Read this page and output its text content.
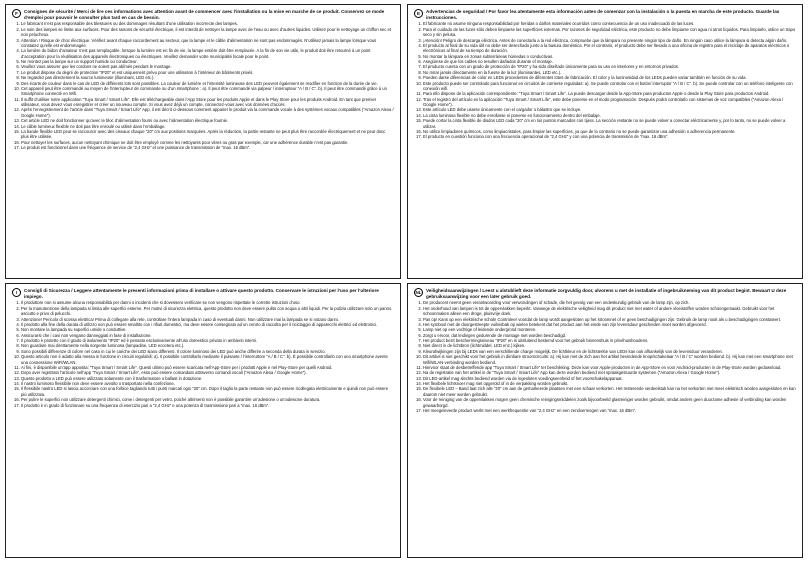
F	Consignes de sécurité / Merci de lire ces informations avec attention avant de commencer avec l’installation ou la mise en marche de ce produit. Conservez ce mode d’emploi pour pouvoir le consulter plus tard en cas de besoin.
1. Le fabricant n’est pas responsable des blessures ou des dommages résultant d’une utilisation incorrecte des lampes.
2. Le soin des lampes se limite aux surfaces. Pour des raisons de sécurité électrique, il est interdit de nettoyer la lampe avec de l’eau ou avec d’autres liquides. Utilisez pour le nettoyage un chiffon sec et non pelucheux.
3. Attention ! Risque de choc électrique. Vérifiez avant chaque raccordement au secteur, que la lampe et le câble d’alimentation ne sont pas endommagés. N’utilisez jamais la lampe lorsque vous constatez qu’elle est endommagée.
4. La lumière du bidon d’amateur n’est pas remplaçable, lorsque la lumière est en fin de vie, la lampe entière doit être remplacée. A la fin de son vie utile, le produit doit être retourné à un point d’acceptation pour la réutilisation des appareils électroniques ou électriques. Veuillez demander votre municipalité locale pour le point.
5. Ne montez pas la lampe sur un support humide ou conducteur.
6. Veuillez vous assurer que les cordons ne soient pas abîmés pendant le montage.
7. Le produit dispose du degré de protection “IP20” et est uniquement prévu pour une utilisation à l’intérieur de bâtiments privés.
8. Ne regardez pas directement la source lumineuse (illuminant, LED etc.).
9. Des écarts de couleur dans le cas de LED de différents lots sont possibles. La couleur de lumière et l’intensité lumineuse des LED peuvent également se modifier en fonction de la durée de vie.
10. Cet appareil peut être commandé au moyen de l’interrupteur de commande ou d’un smartphone : a). Il peut être commandé via palpeur / interrupteur “A / B / C”. b). Il peut être commandé grâce à un Smartphone connecté en Wifi.
11. Il suffit d’utiliser notre application “Tuya Smart / Smart Life”. Elle est téléchargeable dans l’App Store pour les produits Apple et dans le Play Store pour les produits Android. En tant que premier utilisateur, vous devez vous enregistrer et créer un nouveau compte. Si vous avez déjà un compte, connectez-vous avec vos données d’accès.
12. Après l’enregistrement de l’article dans “Tuya Smart / Smart Life” App, il est décrit ci-dessous comment appairer le produit via la commande vocale à des systèmes vocaux compatibles (“Amazon Alexa / Google Home”).
13. Cet article LED ne doit fonctionner qu’avec le bloc d’alimentation fourni ou avec l’alimentation électrique fournie.
14. Le câble lumineux flexible ne doit pas être enroulé ou utilisé dans l’emballage.
15. La bande flexible LED peut se raccourcir avec des ciseaux chaque “20” cm aux positions marquées. Après la réduction, la partie restante ne peut plus être raccordée électriquement et ne peut donc plus être utilisée.
16. Pour nettoyer les surfaces, aucun nettoyant chimique ne doit être employé comme les nettoyants pour vitres ou gras par exemple, car une adhérence durable n’est pas garantie.
17. Le produit est fonctionnel dans une fréquence de service de “2,4 GHz” et une puissance de transmission de “max. 16 dBm”.
E	Advertencias de seguridad / Por favor lea atentamente esta información antes de comenzar con la instalación o la puesta en marcha de este producto. Guarde las instrucciones.
1. El fabricante no asume ninguna responsabilidad por heridas o daños materiales ocurridos como consecuencia de un uso inadecuado de las luces.
2. Para el cuidado de las luces sólo deben limpiarse las superficies externas. Por razones de seguridad eléctrica, este producto no debe limpiarse con agua ni otros líquidos. Para limpiarlo, utilice un trapo seco y sin pelusa.
3. ¡Atención! Peligro de descarga eléctrica. Antes de conectarla a la red eléctrica, compruebe que la lámpara no presente ningún tipo de daño. En ningún caso utilice la lámpara si detecta algún daño.
4. El producto al final de su vida útil no debe ser desechado junto a la basura doméstica. Por el contrario, el producto debe ser llevado a una oficina de registro para el reciclaje de aparatos eléctricos o electrónicos al final de su tiempo de duración.
5. No montar la lámpara en zonas subterráneas húmedas o conductivas.
6. Asegúrese de que los cables no resulten dañados durante el montaje.
7. El producto cuenta con un grado de protección de “IP20” y ha sido diseñado únicamente para su uso en interiores y en entornos privados.
8. No mirar jamás directamente en la fuente de la luz (iluminantes, LED etc.).
9. Pueden darse diferencias de color en LEDs procedentes de diferentes lotes de fabricación. El color y la luminosidad de los LEDs pueden variar también en función de su vida.
10. Este producto puede ser controlado para funcionar en circuitos de corriente reguladas: a). Se puede controlar con el botón/ interruptor “A / B / C”. b). Se puede controlar con un teléfono inteligente con conexión wifi.
11. Para ello dispone de la aplicación correspondiente: “Tuya Smart / Smart Life”. La puede descargar desde la App-Store para productos Apple o desde la Play Store para productos Android.
12. Tras el registro del artículo en la aplicación “Tuya Smart / Smart Life”, este debe ponerse en el modo programación. Después podrá controlarlo con sistemas de voz compatibles (“Amazon Alexa / Google Home”).
13. Este artículo LED debe usarse únicamente con el cargador o bálastro que se incluye.
14. La cinta luminosa flexible no debe enrollarse ni ponerse en funcionamiento dentro del embalaje.
15. Puede cortar la cinta flexible de diodos LED cada “20” cm en los puntos marcados con tijera. La sección restante no se puede volver a conectar eléctricamente y, por lo tanto, no se puede volver a utilizar.
16. No utilice limpiadores químicos, como limpiacristales, para limpiar las superficies, ya que de lo contrario no se puede garantizar una adhesión o adherencia permanente.
17. El producto en cuestión funciona con una frecuencia operacional de “2,4 GHz” y con una potencia de transmisión de “max. 16 dBm”.
I	Consigli di Sicurezza / Leggere attentamente le presenti informazioni prima di installare o attivare questo prodotto. Conservare le istruzioni per l’uso per l’ulteriore impiego.
1. Il produttore non si assume alcuna responsabilità per danni o incidenti che si dovessero verificare se non vengono rispettate le corrette istruzioni d’uso.
2. Per la manutenzione della lampada si limita alle superfici esterne. Per motivi di sicurezza elettrica, questo prodotto non deve essere pulito con acqua o altri liquidi. Per la pulizia utilizzare solo un panno asciutto e privo di pelucchi.
3. Attenzione! Pericolo di scossa elettrica! Prima di collegare alla rete, controllare l’intera lampada in caso di eventuali danni. Non utilizzare mai la lampada se si notano danni.
4. Il prodotto alla fine della durata di utilizzo non può essere smaltito con i rifiuti domestici, ma deve essere consegnato ad un centro di raccolta per il riciclaggio di apparecchi elettrici ed elettronici.
5. Non montare la lampada su superfici umide o conduttive.
6. Assicurarsi che i cavi non vengano danneggiati in fase di installazione.
7. Il prodotto è protetto con il grado di isolamento “IP20” ed è pensato esclusivamente all’uso domestico privato in ambienti interni.
8. Non guardare mai direttamente nella sorgente luminosa (lampadine, LED eccetera etc.).
9. Sono possibili differenze di colore nel caso in cui le cariche dei LED siano differenti. Il colore luminoso dei LED può anche differire a seconda della durata in servizio.
10. Questo articolo non è adatto alla messa in funzione in circuiti regolabili: a). Il possibile controllarlo mediante il pulsante / l’interruttore “A / B / C”. b). È possibile controllarlo con uno smartphone avente una connessione WiFi/WLAN.
11. Ai fini, è disponibile un’app apposita: “Tuya Smart / Smart Life”. Questi ultimo può essere scaricata nell’App-Store per i prodotti Apple e nel Play-Store per quelli Android.
12. Dopo aver registrato l’articolo nell’app “Tuya Smart / Smart Life”, esso può essere comandato attraverso comandi vocali (“Amazon Alexa / Google Home”).
13. Questo prodotto a LED può essere utilizzato solamente con il trasformatore o ballast in dotazione.
14. Il nastro luminoso flessibile non deve essere avvolto o trasportato nella confezione.
15. Il flessibile nastro LED si lascia accorciare con una forbice tagliando tutti i punti marcati ogni “20” cm. Dopo il taglio la parte restante non può essere ricollegata elettricamente e quindi non può essere più utilizzata.
16. Per pulire le superfici non utilizzare detergenti chimici, come i detergenti per vetro, poiché altrimenti non è possibile garantire un’adesione o un’adesione duratura.
17. Il prodotto è in grado di funzionare su una frequenza di esercizio pari a “2,4 GHz” e una potenza di trasmissione pari a “max. 16 dBm”.
NL Veiligheidsaanwijzingen / Leest u alstublieft deze informatie zorgvuldig door, alvorens u met de installatie of ingebruikneming van dit product begint. Bewaart U deze gebruiksaanwijzing voor een later gebruik goed.
1. De producent neemt geen verantwoording voor verwondingen of schade, die het gevolg van een ondeskundig gebruik van de lamp zijn, op zich.
2. Het onderhoud van lampen is tot de oppervlakken beperkt. Vanwege de elektrische veiligheid mag dit product niet met water of andere vloeistoffen worden schoongemaakt. Gebruikt voor het schoonmaken alleen een droge, pluisvrije doek.
3. Pas op! Kans op een elektrische schok! Controleer voordat de lamp wordt aangesloten op het stroomnet of er geen beschadigingen zijn. Gebruik de lamp nooit als u beschadigingen constateert.
4. Het symbool met de doorgestreepte vuilnisbak op wielen betekent dat het product aan het einde van zijn levensduur gescheiden moet worden afgevoerd.
5. Lamp niet op een vochtige of leidende ondergrond monteren.
6. Zorgt u ervoor, dat leidingen gedurende de montage niet worden beschadigd.
7. Het product bezit beschermingsniveau “IP20” en is uitsluitend bestemd voor het gebruik binnenshuis in privéhuishoudens.
8. Niet direct in de lichtbron (lichtmiddel, LED enz.) kijken.
9. Kleurafwijkingen zijn bij LEDs van een verschillende charge mogelijk. De lichtkleur en de lichtsterkte van LEDs kan ook afhankelijk van de levensduur veranderen.
10. Dit artikel is niet geschikt voor het gebruik in dimbare stroomcircuits: a). Hij kan met de zich aan het artikel bevindende knop/schakelaar “A / B / C” worden bediend. b). Hij kan met een smartphone met Wifi/WLAN-verbinding worden bediend.
11. Hiervoor staat de desbetreffende app “Tuya Smart / Smart Life” ter beschikking. Deze kan voor Apple-producten in de App-Store en voor Android-producten in de Play-Store worden gedownload.
12. Na de registratie van het artikel in de “Tuya Smart / Smart Life” App kan deze worden bediend met spraakgestuurde systemen (“Amazon Alexa / Google Home”).
13. Dit LED-artikel mag slechts bediend worden via de ingesloten voedingseenheid of het voorschakelapparaat.
14. Het flexibele lichtsnoer mag niet opgerold of in de verpakking worden gebruikt.
15. De flexibele LED – Band laat zich alle “20” cm aan de gemarkeerde plaatsen met een schaar verkorten. Het resterende verdeelstuk kan na het verkorten niet meer elektrisch worden aangesloten en kan daarom niet meer worden gebruikt.
16. Voor de reiniging van de oppervlakken mogen geen chemische reinigingsmiddelen zoals bijvoorbeeld glasreiniger worden gebruikt, omdat anders geen duurzame adhesie of verbinding kan worden gewaarborgd.
17. Het meegeleverde product werkt met een werkfrequentie van “2,4 GHz” en een zendvermogen van “max. 16 dBm”.
